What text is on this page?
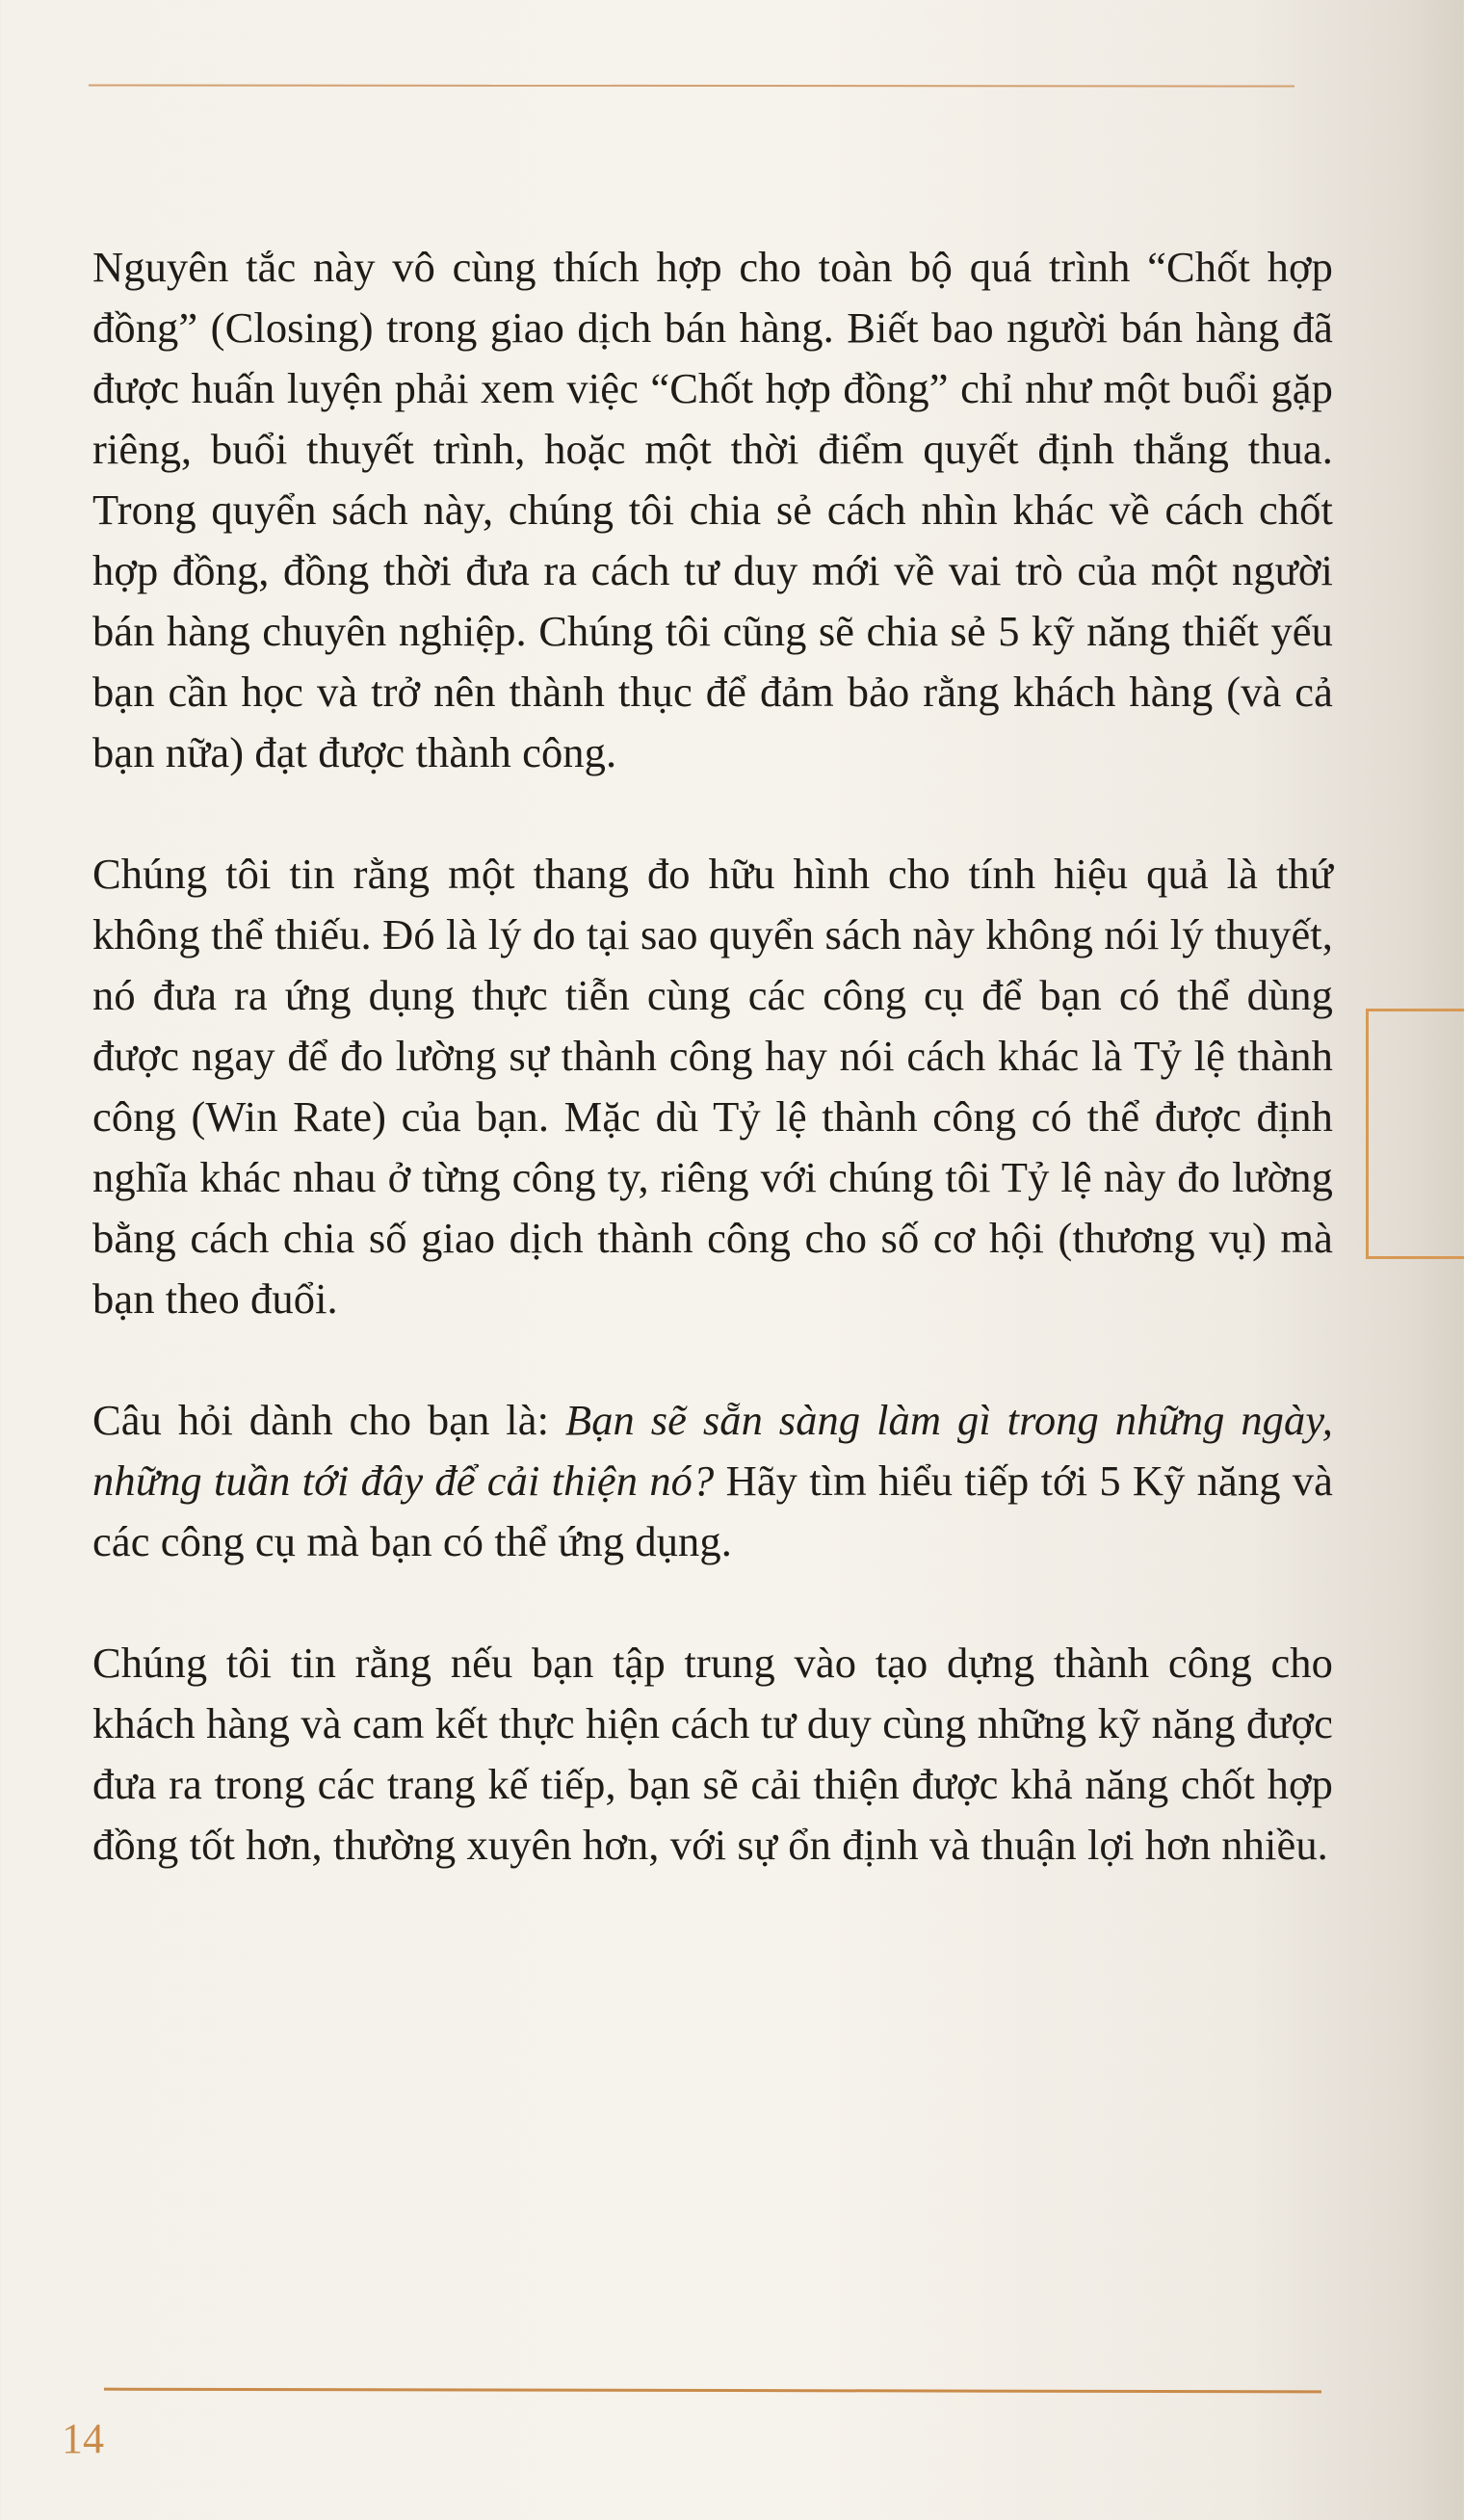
Nguyên tắc này vô cùng thích hợp cho toàn bộ quá trình “Chốt hợp đồng” (Closing) trong giao dịch bán hàng. Biết bao người bán hàng đã được huấn luyện phải xem việc “Chốt hợp đồng” chỉ như một buổi gặp riêng, buổi thuyết trình, hoặc một thời điểm quyết định thắng thua. Trong quyển sách này, chúng tôi chia sẻ cách nhìn khác về cách chốt hợp đồng, đồng thời đưa ra cách tư duy mới về vai trò của một người bán hàng chuyên nghiệp. Chúng tôi cũng sẽ chia sẻ 5 kỹ năng thiết yếu bạn cần học và trở nên thành thục để đảm bảo rằng khách hàng (và cả bạn nữa) đạt được thành công.

Chúng tôi tin rằng một thang đo hữu hình cho tính hiệu quả là thứ không thể thiếu. Đó là lý do tại sao quyển sách này không nói lý thuyết, nó đưa ra ứng dụng thực tiễn cùng các công cụ để bạn có thể dùng được ngay để đo lường sự thành công hay nói cách khác là Tỷ lệ thành công (Win Rate) của bạn. Mặc dù Tỷ lệ thành công có thể được định nghĩa khác nhau ở từng công ty, riêng với chúng tôi Tỷ lệ này đo lường bằng cách chia số giao dịch thành công cho số cơ hội (thương vụ) mà bạn theo đuổi.

Câu hỏi dành cho bạn là: Bạn sẽ sẵn sàng làm gì trong những ngày, những tuần tới đây để cải thiện nó? Hãy tìm hiểu tiếp tới 5 Kỹ năng và các công cụ mà bạn có thể ứng dụng.

Chúng tôi tin rằng nếu bạn tập trung vào tạo dựng thành công cho khách hàng và cam kết thực hiện cách tư duy cùng những kỹ năng được đưa ra trong các trang kế tiếp, bạn sẽ cải thiện được khả năng chốt hợp đồng tốt hơn, thường xuyên hơn, với sự ổn định và thuận lợi hơn nhiều.

14
